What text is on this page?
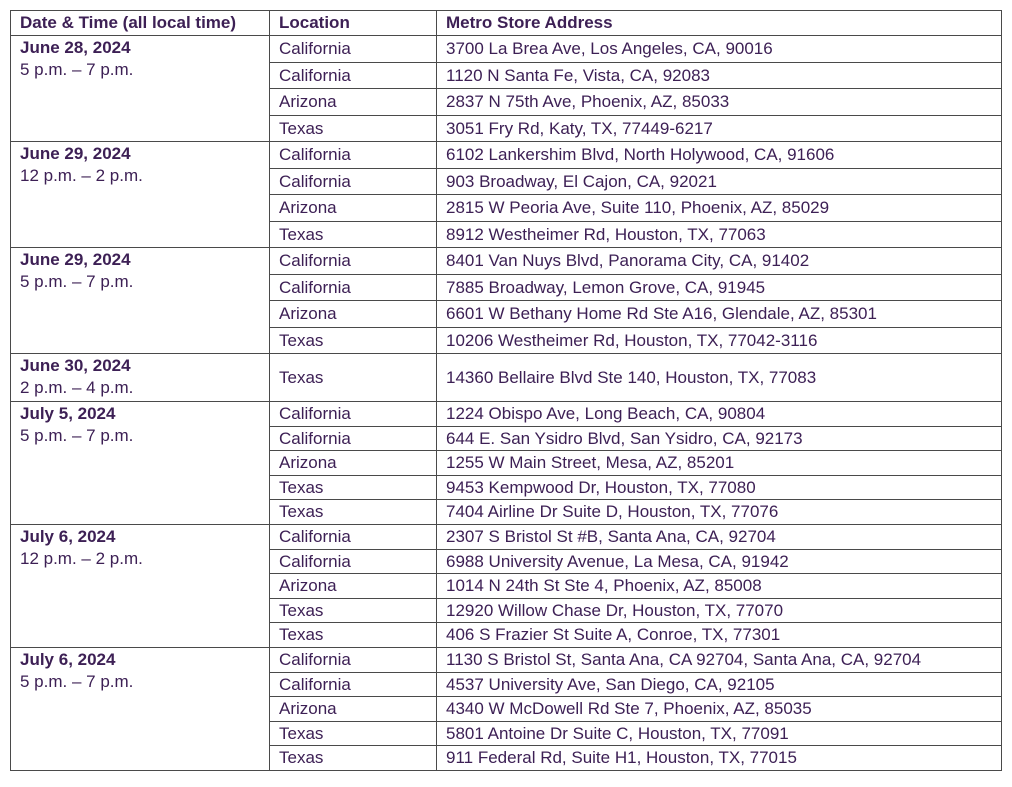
Date & Time (all local time)	Location	Metro Store Address

June 28, 2024
5 p.m. – 7 p.m.	California	3700 La Brea Ave, Los Angeles, CA, 90016
	California	1120 N Santa Fe, Vista, CA, 92083
	Arizona	2837 N 75th Ave, Phoenix, AZ, 85033
	Texas	3051 Fry Rd, Katy, TX, 77449-6217

June 29, 2024
12 p.m. – 2 p.m.	California	6102 Lankershim Blvd, North Holywood, CA, 91606
	California	903 Broadway, El Cajon, CA, 92021
	Arizona	2815 W Peoria Ave, Suite 110, Phoenix, AZ, 85029
	Texas	8912 Westheimer Rd, Houston, TX, 77063

June 29, 2024
5 p.m. – 7 p.m.	California	8401 Van Nuys Blvd, Panorama City, CA, 91402
	California	7885 Broadway, Lemon Grove, CA, 91945
	Arizona	6601 W Bethany Home Rd Ste A16, Glendale, AZ, 85301
	Texas	10206 Westheimer Rd, Houston, TX, 77042-3116

June 30, 2024
2 p.m. – 4 p.m.	Texas	14360 Bellaire Blvd Ste 140, Houston, TX, 77083

July 5, 2024
5 p.m. – 7 p.m.	California	1224 Obispo Ave, Long Beach, CA, 90804
	California	644 E. San Ysidro Blvd, San Ysidro, CA, 92173
	Arizona	1255 W Main Street, Mesa, AZ, 85201
	Texas	9453 Kempwood Dr, Houston, TX, 77080
	Texas	7404 Airline Dr Suite D, Houston, TX, 77076

July 6, 2024
12 p.m. – 2 p.m.	California	2307 S Bristol St #B, Santa Ana, CA, 92704
	California	6988 University Avenue, La Mesa, CA, 91942
	Arizona	1014 N 24th St Ste 4, Phoenix, AZ, 85008
	Texas	12920 Willow Chase Dr, Houston, TX, 77070
	Texas	406 S Frazier St Suite A, Conroe, TX, 77301

July 6, 2024
5 p.m. – 7 p.m.	California	1130 S Bristol St, Santa Ana, CA 92704, Santa Ana, CA, 92704
	California	4537 University Ave, San Diego, CA, 92105
	Arizona	4340 W McDowell Rd Ste 7, Phoenix, AZ, 85035
	Texas	5801 Antoine Dr Suite C, Houston, TX, 77091
	Texas	911 Federal Rd, Suite H1, Houston, TX, 77015
